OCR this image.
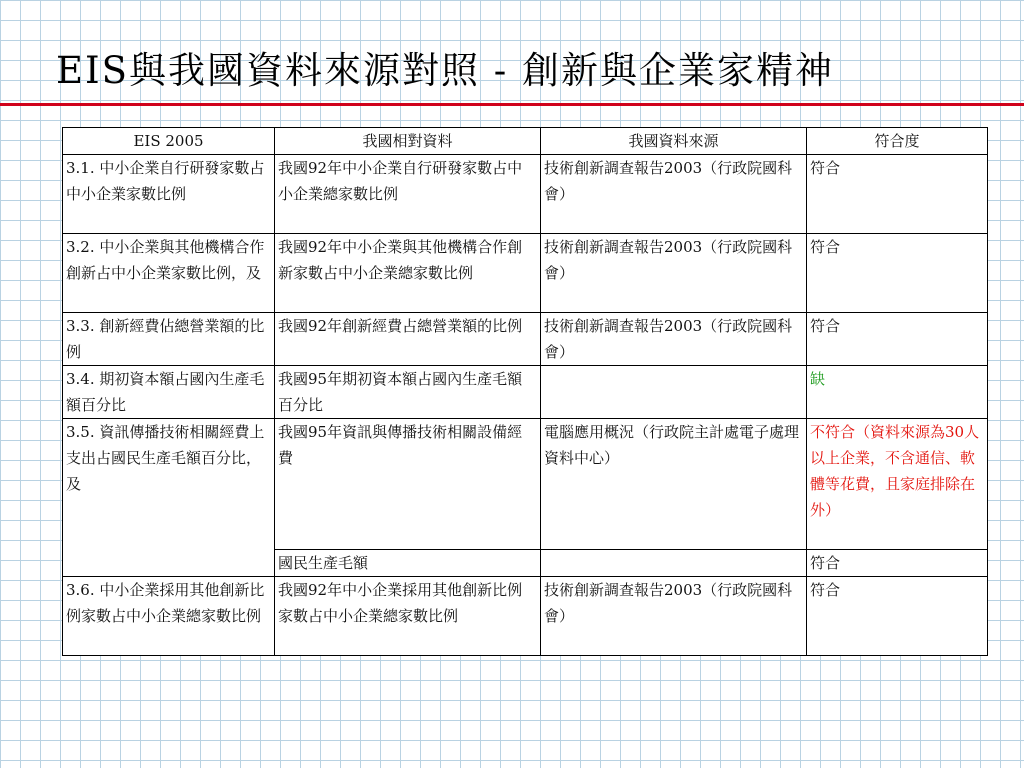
EIS與我國資料來源對照 - 創新與企業家精神
EIS 2005	我國相對資料	我國資料來源	符合度
3.1. 中小企業自行研發家數占中小企業家數比例	我國92年中小企業自行研發家數占中小企業總家數比例	技術創新調查報告2003（行政院國科會）	符合
3.2. 中小企業與其他機構合作創新占中小企業家數比例，及	我國92年中小企業與其他機構合作創新家數占中小企業總家數比例	技術創新調查報告2003（行政院國科會）	符合
3.3. 創新經費佔總營業額的比例	我國92年創新經費占總營業額的比例	技術創新調查報告2003（行政院國科會）	符合
3.4. 期初資本額占國內生產毛額百分比	我國95年期初資本額占國內生產毛額百分比		缺
3.5. 資訊傳播技術相關經費上支出占國民生產毛額百分比，及	我國95年資訊與傳播技術相關設備經費	電腦應用概況（行政院主計處電子處理資料中心）	不符合（資料來源為30人以上企業，不含通信、軟體等花費，且家庭排除在外）
	國民生產毛額		符合
3.6. 中小企業採用其他創新比例家數占中小企業總家數比例	我國92年中小企業採用其他創新比例家數占中小企業總家數比例	技術創新調查報告2003（行政院國科會）	符合
